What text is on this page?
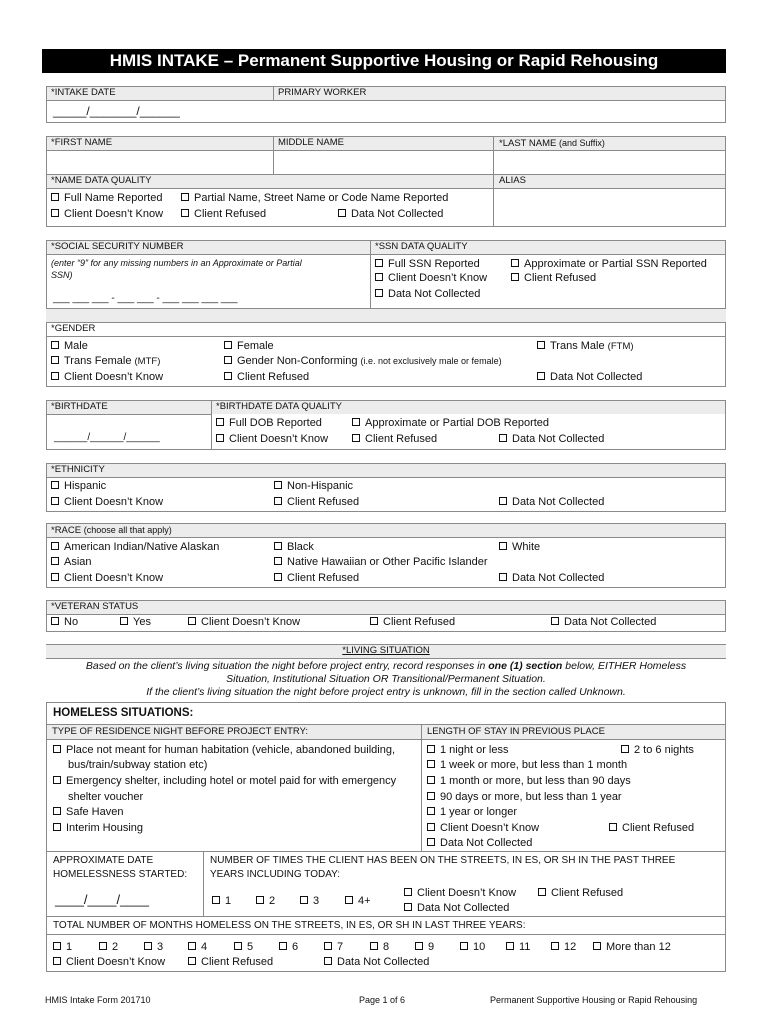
HMIS INTAKE – Permanent Supportive Housing or Rapid Rehousing
*INTAKE DATE	PRIMARY WORKER
_____/_______/______
*FIRST NAME	MIDDLE NAME	*LAST NAME (and Suffix)
*NAME DATA QUALITY	ALIAS
Full Name Reported	Partial Name, Street Name or Code Name Reported
Client Doesn’t Know	Client Refused	Data Not Collected
*SOCIAL SECURITY NUMBER	*SSN DATA QUALITY
(enter “9” for any missing numbers in an Approximate or Partial
SSN)
___ ___ ___ - ___ ___ - ___ ___ ___ ___
Full SSN Reported	Approximate or Partial SSN Reported
Client Doesn’t Know	Client Refused
Data Not Collected
*GENDER
Male	Female	Trans Male (FTM)
Trans Female (MTF)	Gender Non-Conforming (i.e. not exclusively male or female)
Client Doesn’t Know	Client Refused	Data Not Collected
*BIRTHDATE	*BIRTHDATE DATA QUALITY
______/______/______
Full DOB Reported	Approximate or Partial DOB Reported
Client Doesn’t Know	Client Refused	Data Not Collected
*ETHNICITY
Hispanic	Non-Hispanic
Client Doesn’t Know	Client Refused	Data Not Collected
*RACE (choose all that apply)
American Indian/Native Alaskan	Black	White
Asian	Native Hawaiian or Other Pacific Islander
Client Doesn’t Know	Client Refused	Data Not Collected
*VETERAN STATUS
No	Yes	Client Doesn’t Know	Client Refused	Data Not Collected
*LIVING SITUATION
Based on the client’s living situation the night before project entry, record responses in one (1) section below, EITHER Homeless
Situation, Institutional Situation OR Transitional/Permanent Situation.
If the client’s living situation the night before project entry is unknown, fill in the section called Unknown.
HOMELESS SITUATIONS:
TYPE OF RESIDENCE NIGHT BEFORE PROJECT ENTRY:	LENGTH OF STAY IN PREVIOUS PLACE
Place not meant for human habitation (vehicle, abandoned building,
bus/train/subway station etc)
Emergency shelter, including hotel or motel paid for with emergency
shelter voucher
Safe Haven
Interim Housing
1 night or less	2 to 6 nights
1 week or more, but less than 1 month
1 month or more, but less than 90 days
90 days or more, but less than 1 year
1 year or longer
Client Doesn’t Know	Client Refused
Data Not Collected
APPROXIMATE DATE
HOMELESSNESS STARTED:
____/____/____
NUMBER OF TIMES THE CLIENT HAS BEEN ON THE STREETS, IN ES, OR SH IN THE PAST THREE
YEARS INCLUDING TODAY:
1	2	3	4+
Client Doesn’t Know	Client Refused
Data Not Collected
TOTAL NUMBER OF MONTHS HOMELESS ON THE STREETS, IN ES, OR SH IN LAST THREE YEARS:
1	2	3	4	5	6	7	8	9	10	11	12	More than 12
Client Doesn’t Know	Client Refused	Data Not Collected
HMIS Intake Form 201710	Page 1 of 6	Permanent Supportive Housing or Rapid Rehousing
